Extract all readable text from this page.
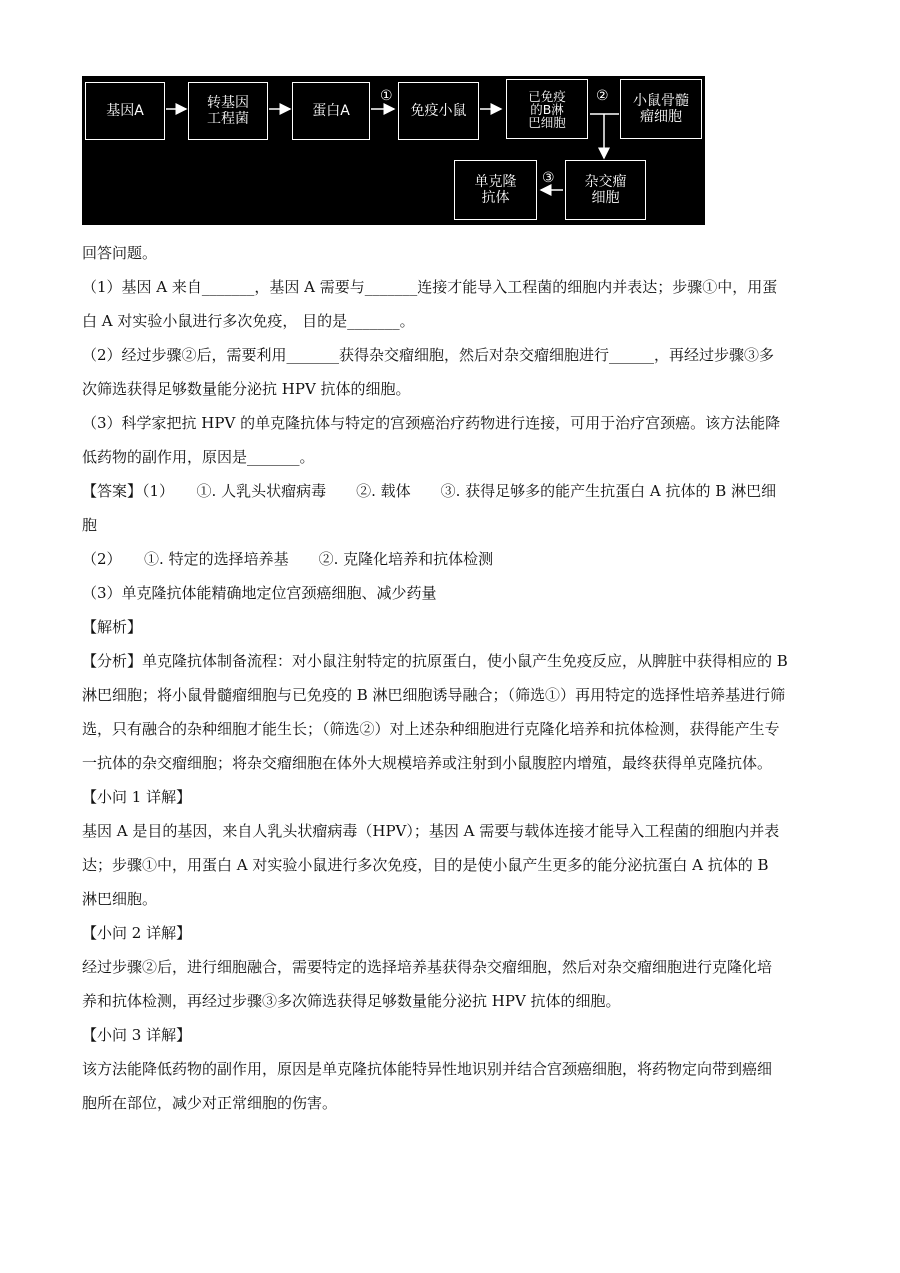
基因A	转基因
工程菌	蛋白A	免疫小鼠
已免疫
的B淋
巴细胞
小鼠骨髓
瘤细胞
杂交瘤
细胞
单克隆
抗体
①	②
③

回答问题。

（1）基因 A 来自_______，基因 A 需要与_______连接才能导入工程菌的细胞内并表达；步骤①中，用蛋

白 A 对实验小鼠进行多次免疫， 目的是_______。

（2）经过步骤②后，需要利用_______获得杂交瘤细胞，然后对杂交瘤细胞进行______，再经过步骤③多

次筛选获得足够数量能分泌抗 HPV 抗体的细胞。

（3）科学家把抗 HPV 的单克隆抗体与特定的宫颈癌治疗药物进行连接，可用于治疗宫颈癌。该方法能降

低药物的副作用，原因是_______。

【答案】（1）　　①. 人乳头状瘤病毒　　②. 载体　　③. 获得足够多的能产生抗蛋白 A 抗体的 B 淋巴细

胞

（2）　　①. 特定的选择培养基　　②. 克隆化培养和抗体检测

（3）单克隆抗体能精确地定位宫颈癌细胞、减少药量

【解析】

【分析】单克隆抗体制备流程：对小鼠注射特定的抗原蛋白，使小鼠产生免疫反应，从脾脏中获得相应的 B

淋巴细胞；将小鼠骨髓瘤细胞与已免疫的 B 淋巴细胞诱导融合；（筛选①）再用特定的选择性培养基进行筛

选，只有融合的杂种细胞才能生长；（筛选②）对上述杂种细胞进行克隆化培养和抗体检测，获得能产生专

一抗体的杂交瘤细胞；将杂交瘤细胞在体外大规模培养或注射到小鼠腹腔内增殖，最终获得单克隆抗体。

【小问 1 详解】

基因 A 是目的基因，来自人乳头状瘤病毒（HPV）；基因 A 需要与载体连接才能导入工程菌的细胞内并表

达；步骤①中，用蛋白 A 对实验小鼠进行多次免疫，目的是使小鼠产生更多的能分泌抗蛋白 A 抗体的 B

淋巴细胞。

【小问 2 详解】

经过步骤②后，进行细胞融合，需要特定的选择培养基获得杂交瘤细胞，然后对杂交瘤细胞进行克隆化培

养和抗体检测，再经过步骤③多次筛选获得足够数量能分泌抗 HPV 抗体的细胞。

【小问 3 详解】

该方法能降低药物的副作用，原因是单克隆抗体能特异性地识别并结合宫颈癌细胞，将药物定向带到癌细

胞所在部位，减少对正常细胞的伤害。
